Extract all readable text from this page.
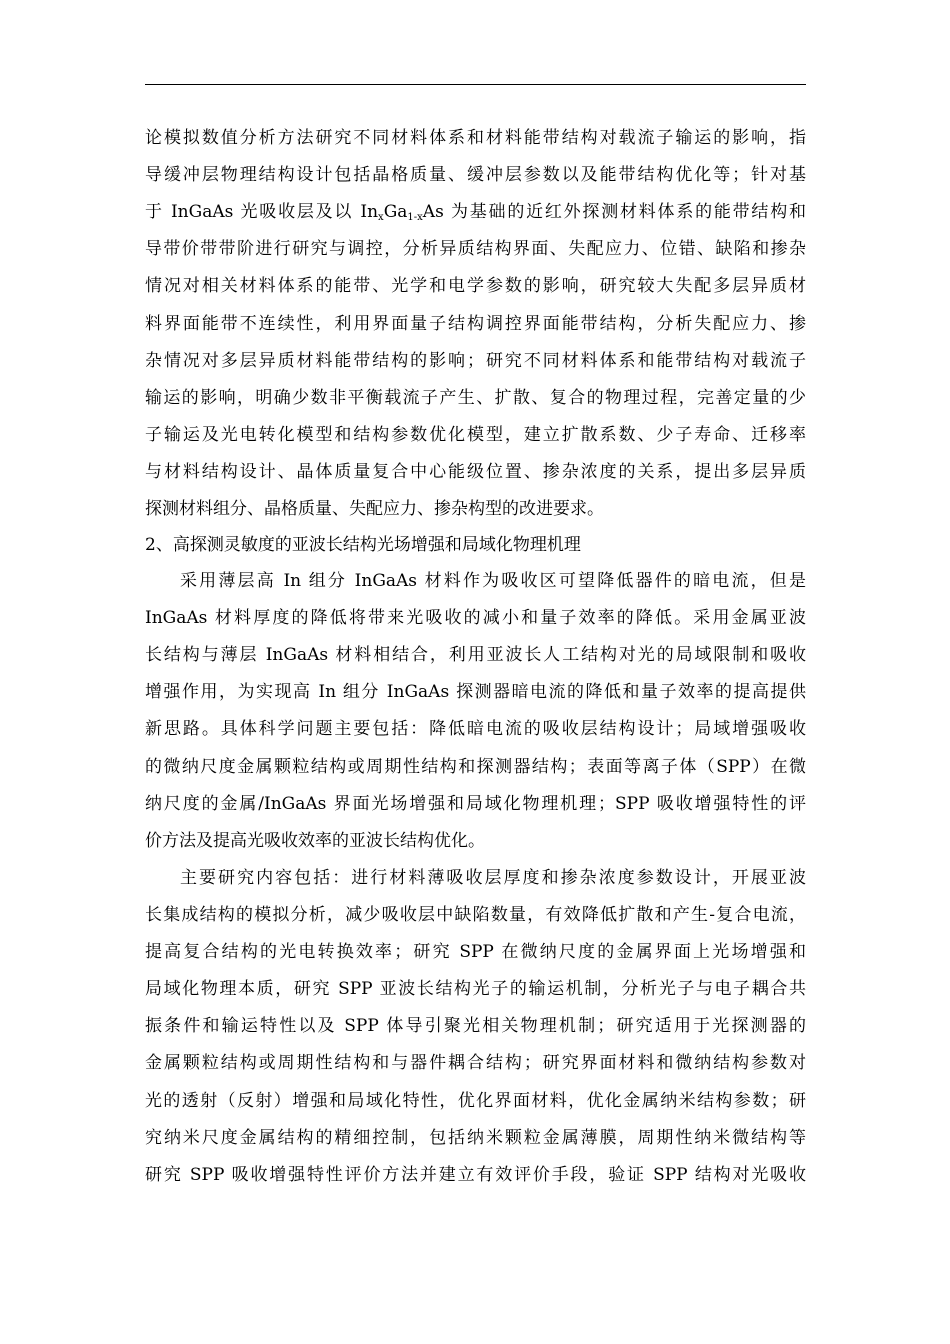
论模拟数值分析方法研究不同材料体系和材料能带结构对载流子输运的影响，指
导缓冲层物理结构设计包括晶格质量、缓冲层参数以及能带结构优化等；针对基
于 InGaAs 光吸收层及以 $In_xGa_{1-x}As$ 为基础的近红外探测材料体系的能带结构和
导带价带带阶进行研究与调控，分析异质结构界面、失配应力、位错、缺陷和掺杂
情况对相关材料体系的能带、光学和电学参数的影响，研究较大失配多层异质材
料界面能带不连续性，利用界面量子结构调控界面能带结构，分析失配应力、掺
杂情况对多层异质材料能带结构的影响；研究不同材料体系和能带结构对载流子
输运的影响，明确少数非平衡载流子产生、扩散、复合的物理过程，完善定量的少
子输运及光电转化模型和结构参数优化模型，建立扩散系数、少子寿命、迁移率
与材料结构设计、晶体质量复合中心能级位置、掺杂浓度的关系，提出多层异质
探测材料组分、晶格质量、失配应力、掺杂构型的改进要求。
2、高探测灵敏度的亚波长结构光场增强和局域化物理机理
采用薄层高 In 组分 InGaAs 材料作为吸收区可望降低器件的暗电流，但是
InGaAs 材料厚度的降低将带来光吸收的减小和量子效率的降低。采用金属亚波
长结构与薄层 InGaAs 材料相结合，利用亚波长人工结构对光的局域限制和吸收
增强作用，为实现高 In 组分 InGaAs 探测器暗电流的降低和量子效率的提高提供
新思路。具体科学问题主要包括：降低暗电流的吸收层结构设计；局域增强吸收
的微纳尺度金属颗粒结构或周期性结构和探测器结构；表面等离子体（SPP）在微
纳尺度的金属/InGaAs 界面光场增强和局域化物理机理；SPP 吸收增强特性的评
价方法及提高光吸收效率的亚波长结构优化。
主要研究内容包括：进行材料薄吸收层厚度和掺杂浓度参数设计，开展亚波
长集成结构的模拟分析，减少吸收层中缺陷数量，有效降低扩散和产生-复合电流，
提高复合结构的光电转换效率；研究 SPP 在微纳尺度的金属界面上光场增强和
局域化物理本质，研究 SPP 亚波长结构光子的输运机制，分析光子与电子耦合共
振条件和输运特性以及 SPP 体导引聚光相关物理机制；研究适用于光探测器的
金属颗粒结构或周期性结构和与器件耦合结构；研究界面材料和微纳结构参数对
光的透射（反射）增强和局域化特性，优化界面材料，优化金属纳米结构参数；研
究纳米尺度金属结构的精细控制，包括纳米颗粒金属薄膜，周期性纳米微结构等
研究 SPP 吸收增强特性评价方法并建立有效评价手段，验证 SPP 结构对光吸收
